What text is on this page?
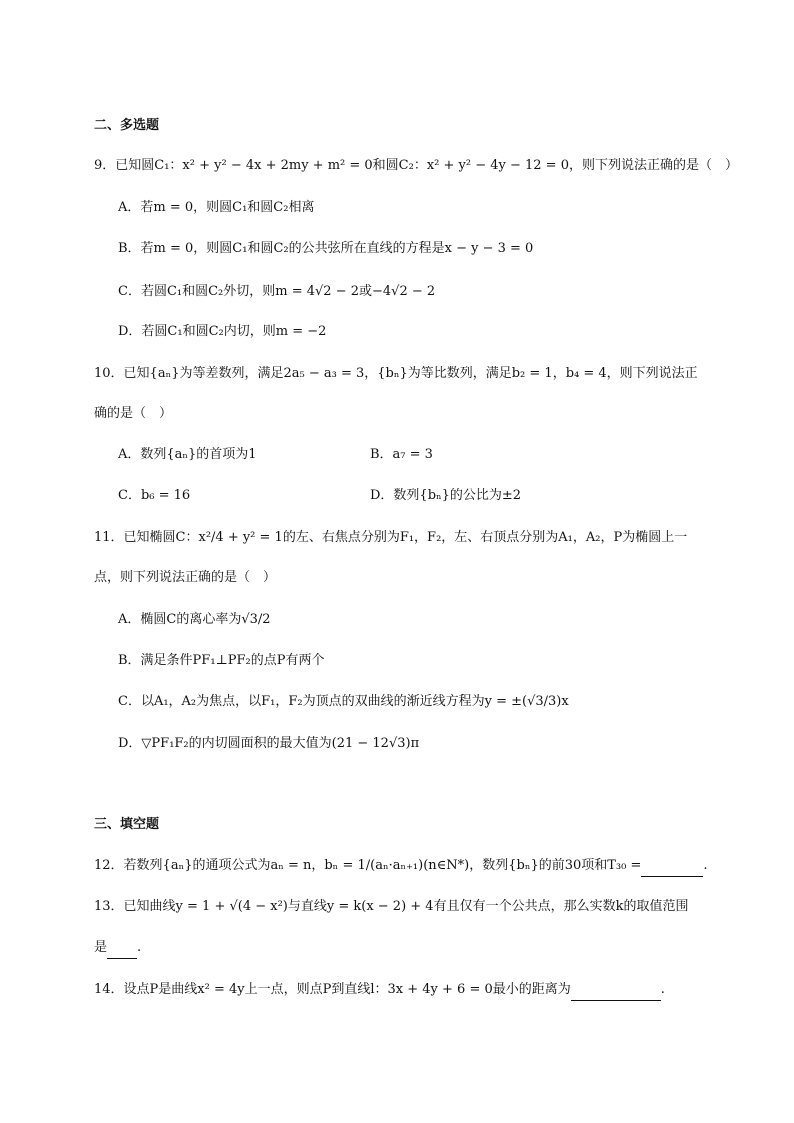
二、多选题
9．已知圆C₁：x² + y² − 4x + 2my + m² = 0和圆C₂：x² + y² − 4y − 12 = 0，则下列说法正确的是（　）
A．若m = 0，则圆C₁和圆C₂相离
B．若m = 0，则圆C₁和圆C₂的公共弦所在直线的方程是x − y − 3 = 0
C．若圆C₁和圆C₂外切，则m = 4√2 − 2或−4√2 − 2
D．若圆C₁和圆C₂内切，则m = −2
10．已知{aₙ}为等差数列，满足2a₅ − a₃ = 3，{bₙ}为等比数列，满足b₂ = 1，b₄ = 4，则下列说法正
确的是（　）
A．数列{aₙ}的首项为1	B．a₇ = 3
C．b₆ = 16	D．数列{bₙ}的公比为±2
11．已知椭圆C：x²/4 + y² = 1的左、右焦点分别为F₁，F₂，左、右顶点分别为A₁，A₂，P为椭圆上一
点，则下列说法正确的是（　）
A．椭圆C的离心率为√3/2
B．满足条件PF₁⊥PF₂的点P有两个
C．以A₁，A₂为焦点，以F₁，F₂为顶点的双曲线的渐近线方程为y = ±(√3/3)x
D．▽PF₁F₂的内切圆面积的最大值为(21 − 12√3)π
三、填空题
12．若数列{aₙ}的通项公式为aₙ = n，bₙ = 1/(aₙ·aₙ₊₁)(n∈N*)，数列{bₙ}的前30项和T₃₀ =	.
13．已知曲线y = 1 + √(4 − x²)与直线y = k(x − 2) + 4有且仅有一个公共点，那么实数k的取值范围
是 .
14．设点P是曲线x² = 4y上一点，则点P到直线l：3x + 4y + 6 = 0最小的距离为	.
